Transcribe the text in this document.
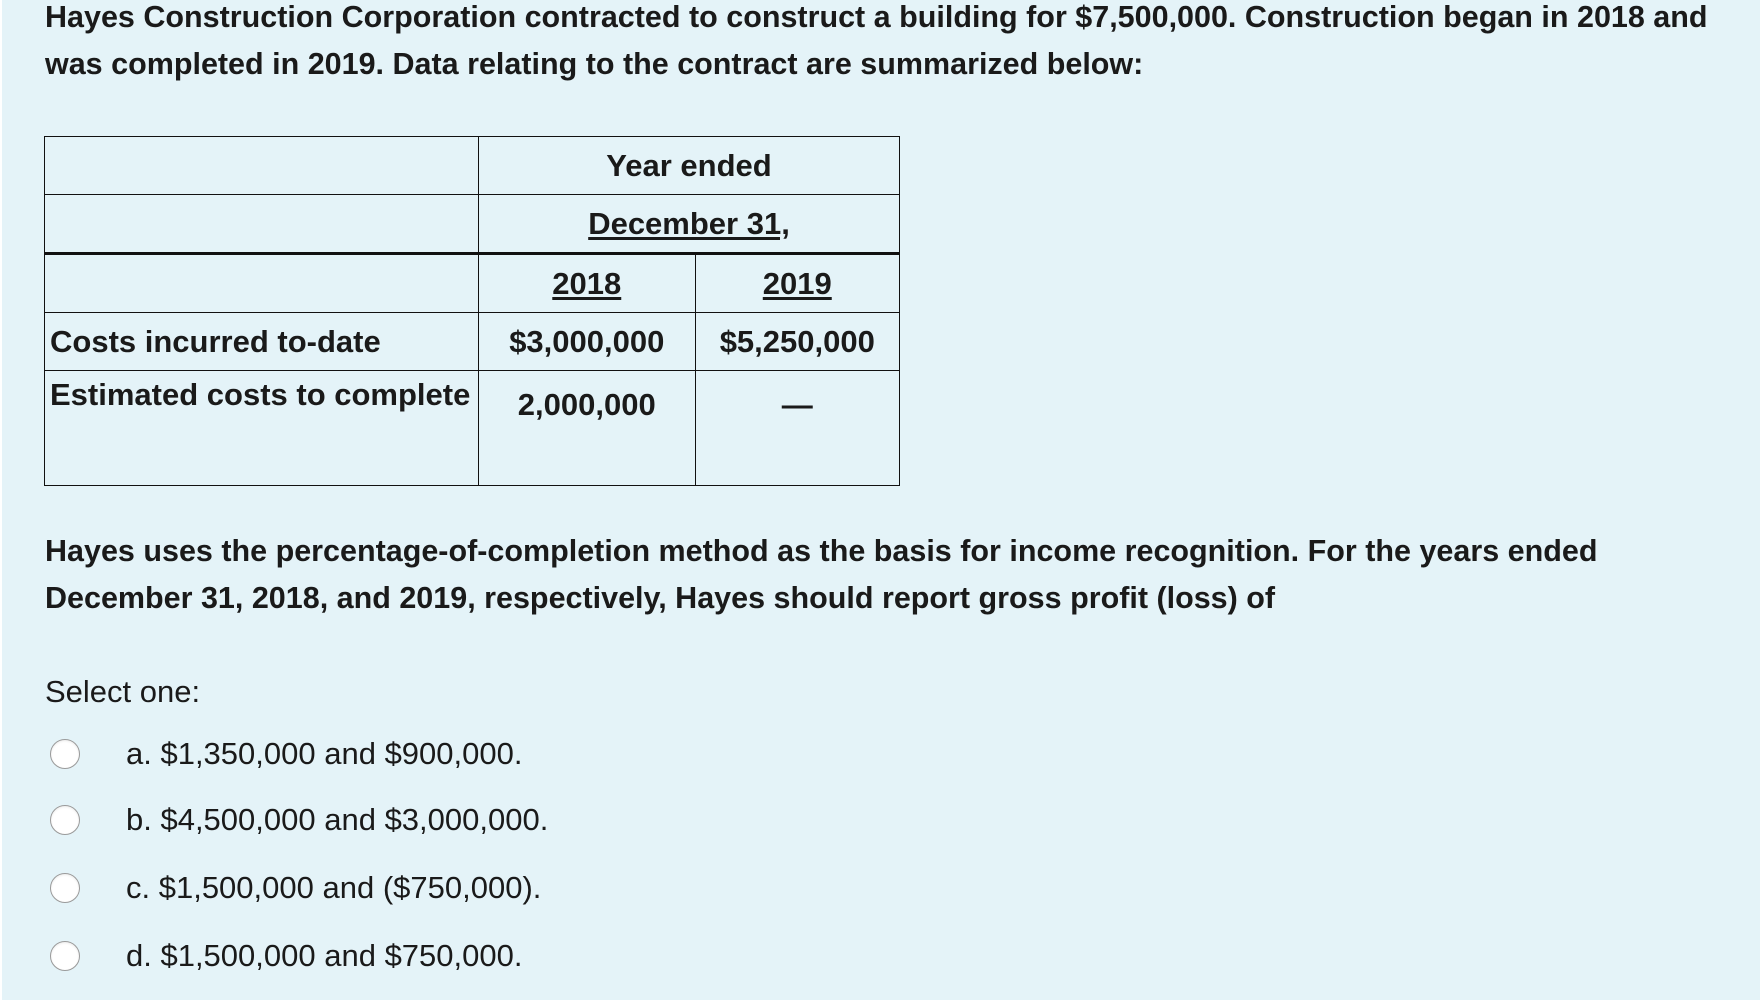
Hayes Construction Corporation contracted to construct a building for $7,500,000. Construction began in 2018 and was completed in 2019. Data relating to the contract are summarized below:
	Year ended	
	December 31,	
	2018	2019
Costs incurred to-date	$3,000,000	$5,250,000
Estimated costs to complete	2,000,000	—
Hayes uses the percentage-of-completion method as the basis for income recognition. For the years ended December 31, 2018, and 2019, respectively, Hayes should report gross profit (loss) of
Select one:
a. $1,350,000 and $900,000.
b. $4,500,000 and $3,000,000.
c. $1,500,000 and ($750,000).
d. $1,500,000 and $750,000.
